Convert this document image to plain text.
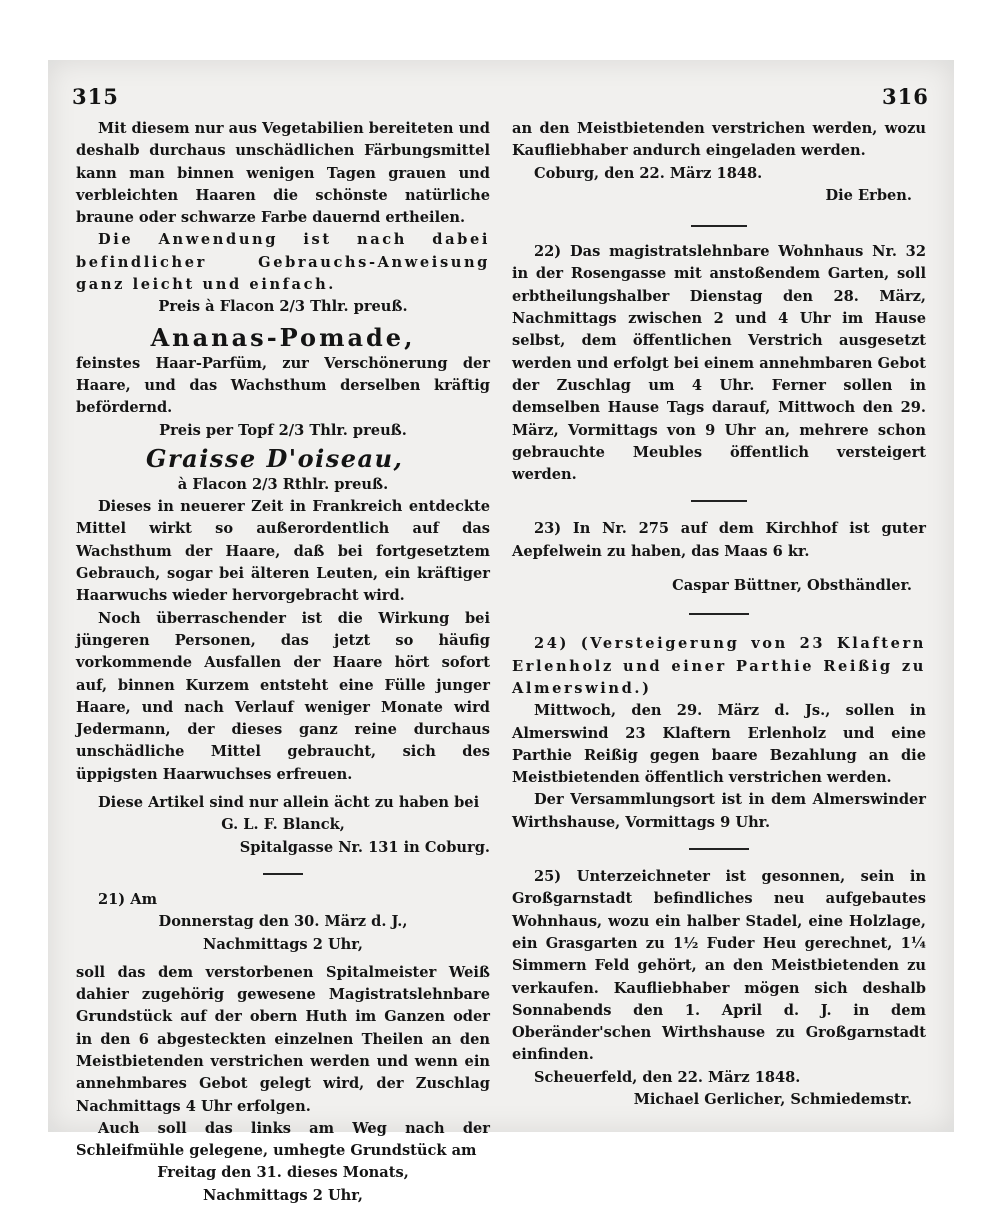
315	316

Mit diesem nur aus Vegetabilien bereiteten und deshalb durchaus unschädlichen Färbungsmittel kann man binnen wenigen Tagen grauen und verbleichten Haaren die schönste natürliche braune oder schwarze Farbe dauernd ertheilen.

Die Anwendung ist nach dabei befindlicher Gebrauchs-Anweisung ganz leicht und einfach.

Preis à Flacon 2/3 Thlr. preuß.

Ananas-Pomade,

feinstes Haar-Parfüm, zur Verschönerung der Haare, und das Wachsthum derselben kräftig befördernd.

Preis per Topf 2/3 Thlr. preuß.

Graisse D'oiseau,

à Flacon 2/3 Rthlr. preuß.

Dieses in neuerer Zeit in Frankreich entdeckte Mittel wirkt so außerordentlich auf das Wachsthum der Haare, daß bei fortgesetztem Gebrauch, sogar bei älteren Leuten, ein kräftiger Haarwuchs wieder hervorgebracht wird.

Noch überraschender ist die Wirkung bei jüngeren Personen, das jetzt so häufig vorkommende Ausfallen der Haare hört sofort auf, binnen Kurzem entsteht eine Fülle junger Haare, und nach Verlauf weniger Monate wird Jedermann, der dieses ganz reine durchaus unschädliche Mittel gebraucht, sich des üppigsten Haarwuchses erfreuen.

Diese Artikel sind nur allein ächt zu haben bei

G. L. F. Blanck,

Spitalgasse Nr. 131 in Coburg.

21) Am

Donnerstag den 30. März d. J.,

Nachmittags 2 Uhr,

soll das dem verstorbenen Spitalmeister Weiß dahier zugehörig gewesene Magistratslehnbare Grundstück auf der obern Huth im Ganzen oder in den 6 abgesteckten einzelnen Theilen an den Meistbietenden verstrichen werden und wenn ein annehmbares Gebot gelegt wird, der Zuschlag Nachmittags 4 Uhr erfolgen.

Auch soll das links am Weg nach der Schleifmühle gelegene, umhegte Grundstück am

Freitag den 31. dieses Monats,

Nachmittags 2 Uhr,

an den Meistbietenden verstrichen werden, wozu Kaufliebhaber andurch eingeladen werden.

Coburg, den 22. März 1848.

Die Erben.

22) Das magistratslehnbare Wohnhaus Nr. 32 in der Rosengasse mit anstoßendem Garten, soll erbtheilungshalber Dienstag den 28. März, Nachmittags zwischen 2 und 4 Uhr im Hause selbst, dem öffentlichen Verstrich ausgesetzt werden und erfolgt bei einem annehmbaren Gebot der Zuschlag um 4 Uhr. Ferner sollen in demselben Hause Tags darauf, Mittwoch den 29. März, Vormittags von 9 Uhr an, mehrere schon gebrauchte Meubles öffentlich versteigert werden.

23) In Nr. 275 auf dem Kirchhof ist guter Aepfelwein zu haben, das Maas 6 kr.

Caspar Büttner, Obsthändler.

24) (Versteigerung von 23 Klaftern Erlenholz und einer Parthie Reißig zu Almerswind.)

Mittwoch, den 29. März d. Js., sollen in Almerswind 23 Klaftern Erlenholz und eine Parthie Reißig gegen baare Bezahlung an die Meistbietenden öffentlich verstrichen werden.

Der Versammlungsort ist in dem Almerswinder Wirthshause, Vormittags 9 Uhr.

25) Unterzeichneter ist gesonnen, sein in Großgarnstadt befindliches neu aufgebautes Wohnhaus, wozu ein halber Stadel, eine Holzlage, ein Grasgarten zu 1½ Fuder Heu gerechnet, 1¼ Simmern Feld gehört, an den Meistbietenden zu verkaufen. Kaufliebhaber mögen sich deshalb Sonnabends den 1. April d. J. in dem Oberänder'schen Wirthshause zu Großgarnstadt einfinden.

Scheuerfeld, den 22. März 1848.

Michael Gerlicher, Schmiedemstr.
